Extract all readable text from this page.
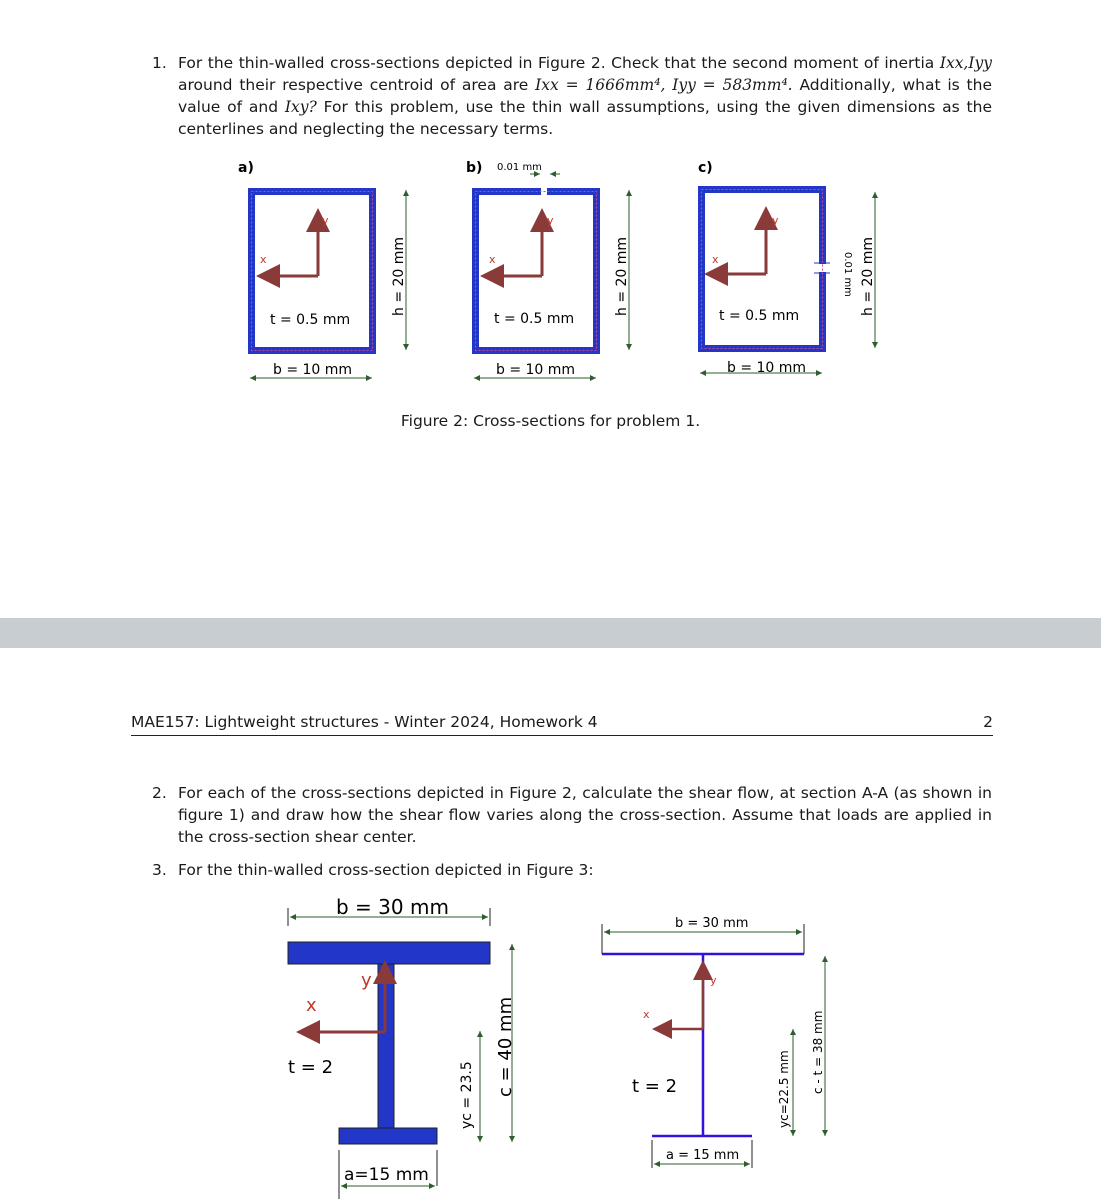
1. For the thin-walled cross-sections depicted in Figure 2. Check that the second moment of inertia Ixx,Iyy around their respective centroid of area are Ixx = 1666mm⁴, Iyy = 583mm⁴. Additionally, what is the value of and Ixy? For this problem, use the thin wall assumptions, using the given dimensions as the centerlines and neglecting the necessary terms.
a)
x
y
t = 0.5 mm
b = 10 mm
h = 20 mm
b) 0.01 mm
x
y
t = 0.5 mm
b = 10 mm
h = 20 mm
c)
x
y
t = 0.5 mm
b = 10 mm
h = 20 mm
0.01 mm
Figure 2: Cross-sections for problem 1.
MAE157: Lightweight structures - Winter 2024, Homework 4	2
2. For each of the cross-sections depicted in Figure 2, calculate the shear flow, at section A-A (as shown in figure 1) and draw how the shear flow varies along the cross-section. Assume that loads are applied in the cross-section shear center.
3. For the thin-walled cross-section depicted in Figure 3:
b = 30 mm
x
y
t = 2	yc = 23.5 c = 40 mm
a=15 mm
b = 30 mm
x
y
t = 2	yc=22.5 mm c - t = 38 mm
a = 15 mm
